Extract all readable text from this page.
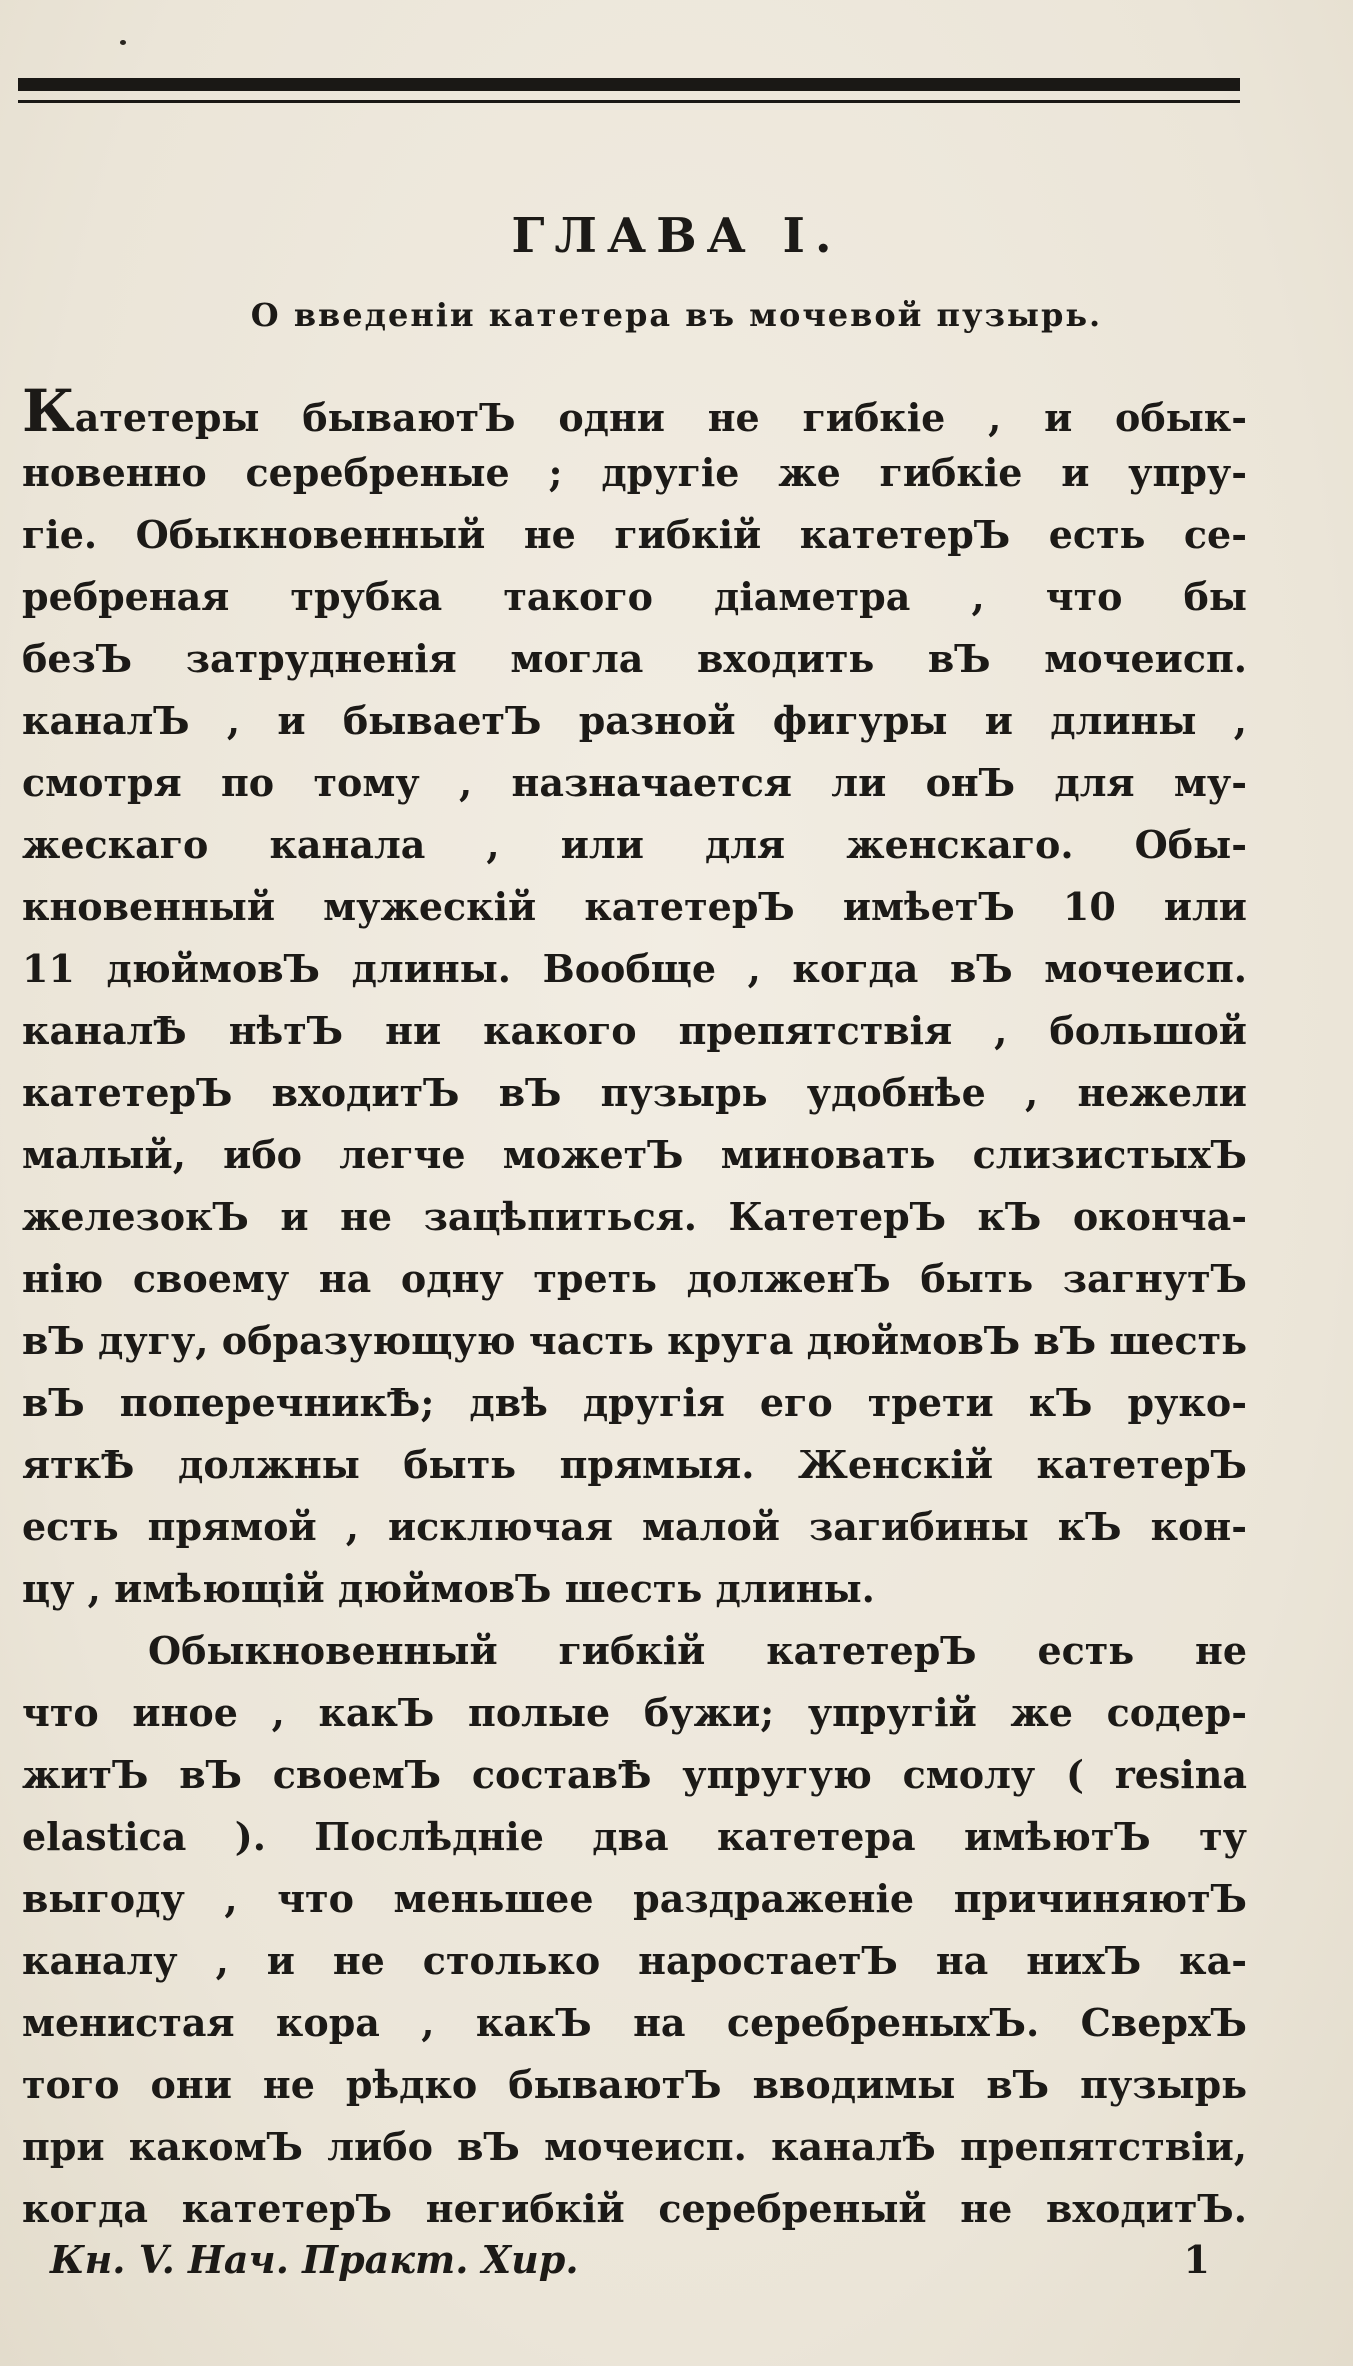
ГЛАВА I.
О введенiи катетера въ мочевой пузырь.
Катетеры бываютЪ одни не гибкiе , и обык-
новенно серебреные ; другiе же гибкiе и упру-
гiе. Обыкновенный не гибкiй катетерЪ есть се-
ребреная трубка такого дiаметра , что бы
безЪ затрудненiя могла входить вЪ мочеисп.
каналЪ , и бываетЪ разной фигуры и длины ,
смотря по тому , назначается ли онЪ для му-
жескаго канала , или для женскаго. Обы-
кновенный мужескiй катетерЪ имѣетЪ 10 или
11 дюймовЪ длины. Вообще , когда вЪ мочеисп.
каналѢ нѣтЪ ни какого препятствiя , большой
катетерЪ входитЪ вЪ пузырь удобнѣе , нежели
малый, ибо легче можетЪ миновать слизистыхЪ
железокЪ и не зацѣпиться. КатетерЪ кЪ оконча-
нiю своему на одну треть долженЪ быть загнутЪ
вЪ дугу, образующую часть круга дюймовЪ вЪ шесть
вЪ поперечникѢ; двѣ другiя его трети кЪ руко-
яткѢ должны быть прямыя. Женскiй катетерЪ
есть прямой , исключая малой загибины кЪ кон-
цу , имѣющiй дюймовЪ шесть длины.
Обыкновенный гибкiй катетерЪ есть не
что иное , какЪ полые бужи; упругiй же содер-
житЪ вЪ своемЪ составѢ упругую смолу ( resina
elastica ). Послѣднiе два катетера имѣютЪ ту
выгоду , что меньшее раздраженiе причиняютЪ
каналу , и не столько наростаетЪ на нихЪ ка-
менистая кора , какЪ на серебреныхЪ. СверхЪ
того они не рѣдко бываютЪ вводимы вЪ пузырь
при какомЪ либо вЪ мочеисп. каналѢ препятствiи,
когда катетерЪ негибкiй серебреный не входитЪ.
Кн. V. Нач. Практ. Хир.	1
